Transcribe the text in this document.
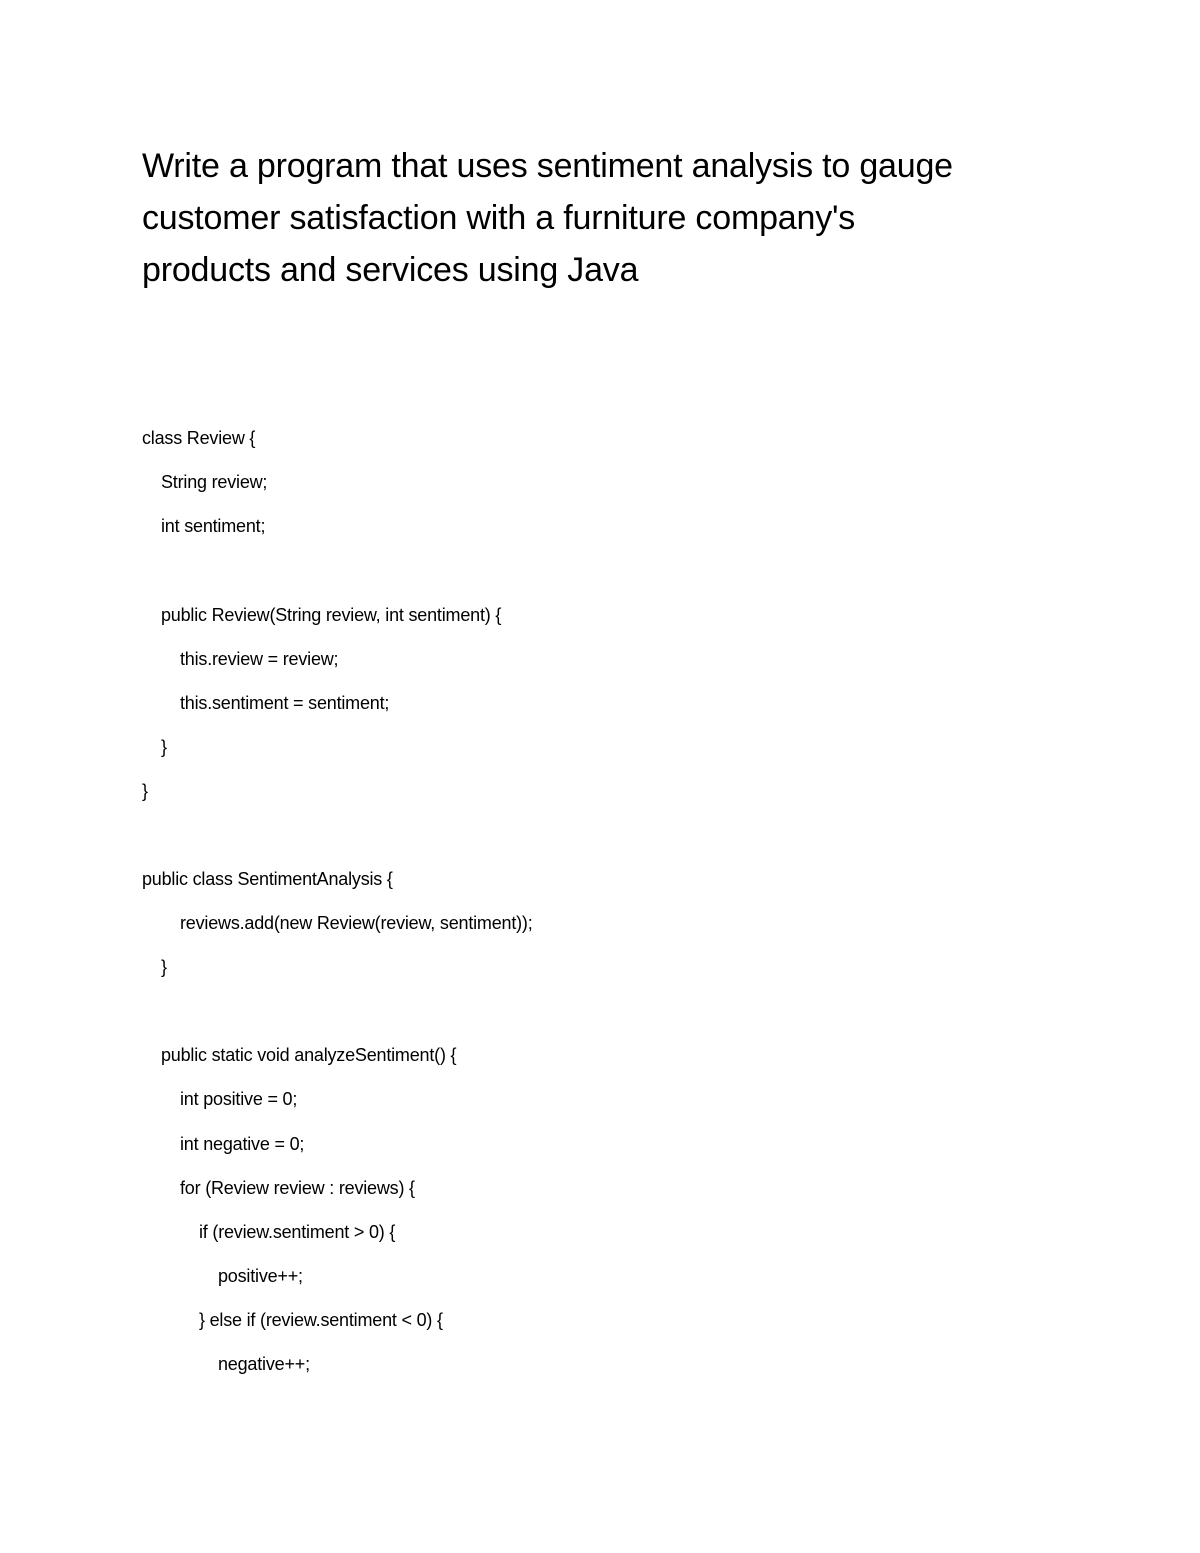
Write a program that uses sentiment analysis to gauge
customer satisfaction with a furniture company's
products and services using Java

class Review {

String review;

int sentiment;

public Review(String review, int sentiment) {

this.review = review;

this.sentiment = sentiment;

}

}

public class SentimentAnalysis {

reviews.add(new Review(review, sentiment));

}

public static void analyzeSentiment() {

int positive = 0;

int negative = 0;

for (Review review : reviews) {

if (review.sentiment > 0) {

positive++;

} else if (review.sentiment < 0) {

negative++;
